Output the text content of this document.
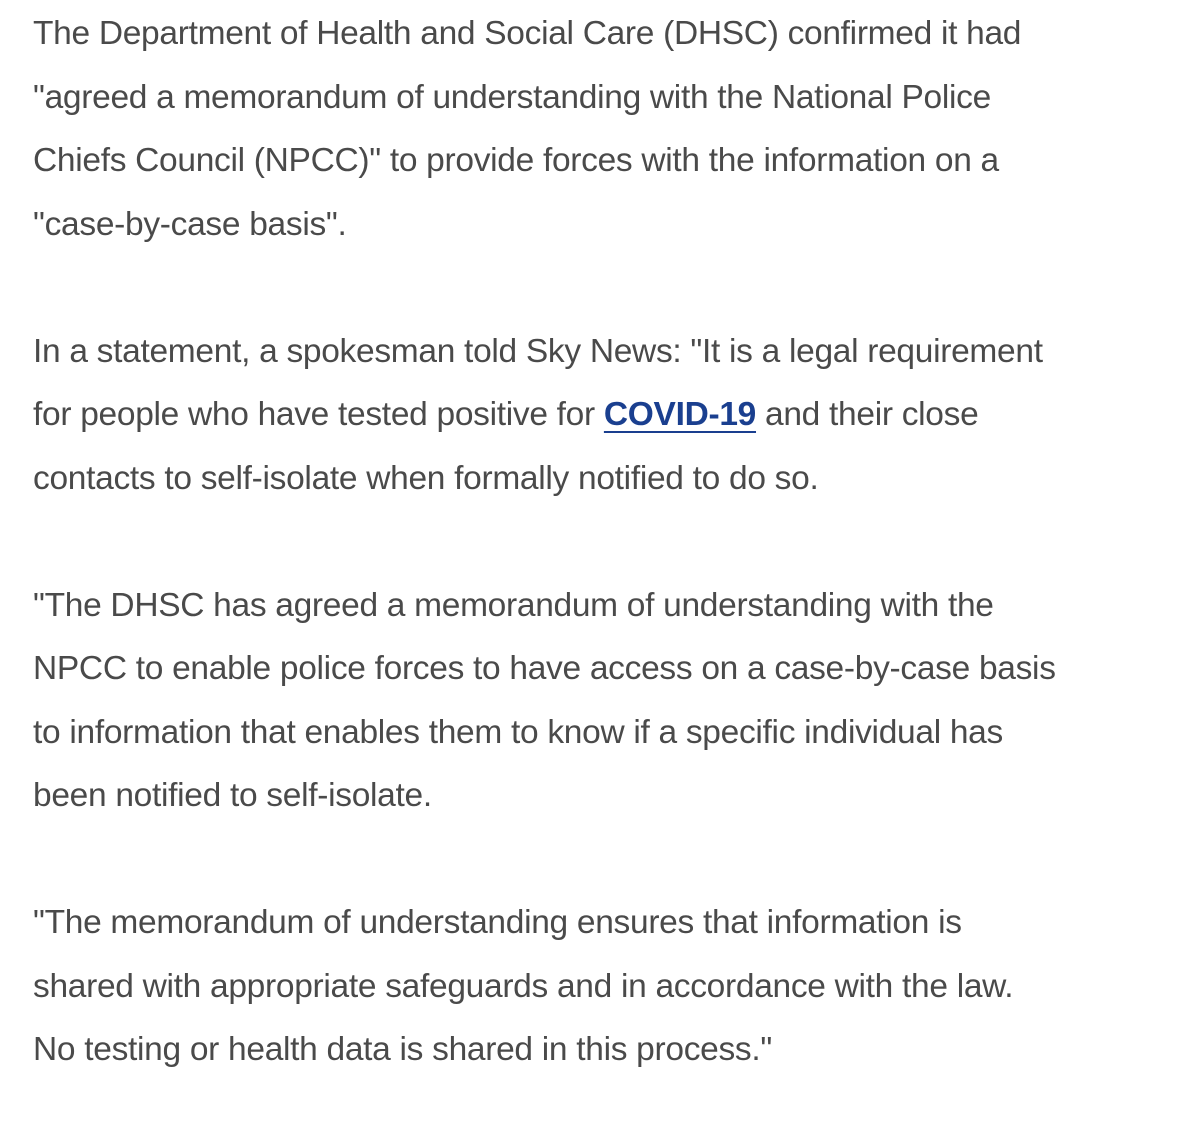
The Department of Health and Social Care (DHSC) confirmed it had
"agreed a memorandum of understanding with the National Police
Chiefs Council (NPCC)" to provide forces with the information on a
"case-by-case basis".

In a statement, a spokesman told Sky News: "It is a legal requirement
for people who have tested positive for COVID-19 and their close
contacts to self-isolate when formally notified to do so.

"The DHSC has agreed a memorandum of understanding with the
NPCC to enable police forces to have access on a case-by-case basis
to information that enables them to know if a specific individual has
been notified to self-isolate.

"The memorandum of understanding ensures that information is
shared with appropriate safeguards and in accordance with the law.
No testing or health data is shared in this process."
